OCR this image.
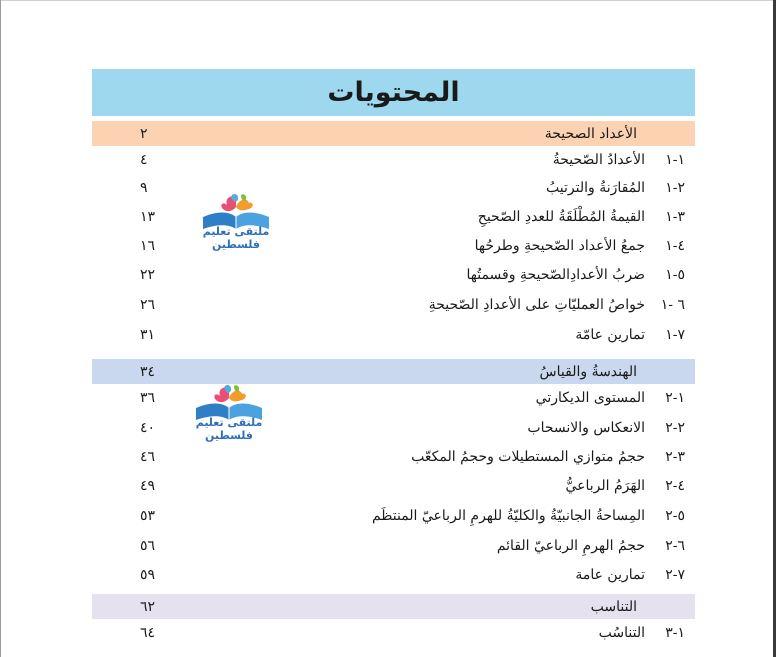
المحتويات
الأعداد الصحيحة
٢
١-١
الأعدادُ الصّحيحةُ
٤
٢-١
المُقارَنةُ والترتيبُ
٩
٣-١
القيمةُ المُطْلَقَةُ للعددِ الصّحيحِ
١٣
٤-١
جمعُ الأعداد الصّحيحةِ وطرحُها
١٦
٥-١
ضربُ الأعدادِالصّحيحةِ وقسمتُها
٢٢
٦ -١
خواصُ العمليّاتِ على الأعدادِ الصّحيحةِ
٢٦
٧-١
تمارين عامّة
٣١
الهندسةُ والقياسُ
٣٤
١-٢
المستوى الديكارتي
٣٦
٢-٢
الانعكاس والانسحاب
٤٠
٣-٢
حجمُ متوازي المستطيلات وحجمُ المكعّب
٤٦
٤-٢
الهَرَمُ الرباعيُّ
٤٩
٥-٢
المِساحةُ الجانبيّةُ والكليّةُ للهرمِ الرباعيّ المنتظَم
٥٣
٦-٢
حجمُ الهرمِ الرباعيّ القائم
٥٦
٧-٢
تمارين عامة
٥٩
التناسب
٦٢
١-٣
التناسُب
٦٤
ملتقى تعليم فلسطين
ملتقى تعليم فلسطين
